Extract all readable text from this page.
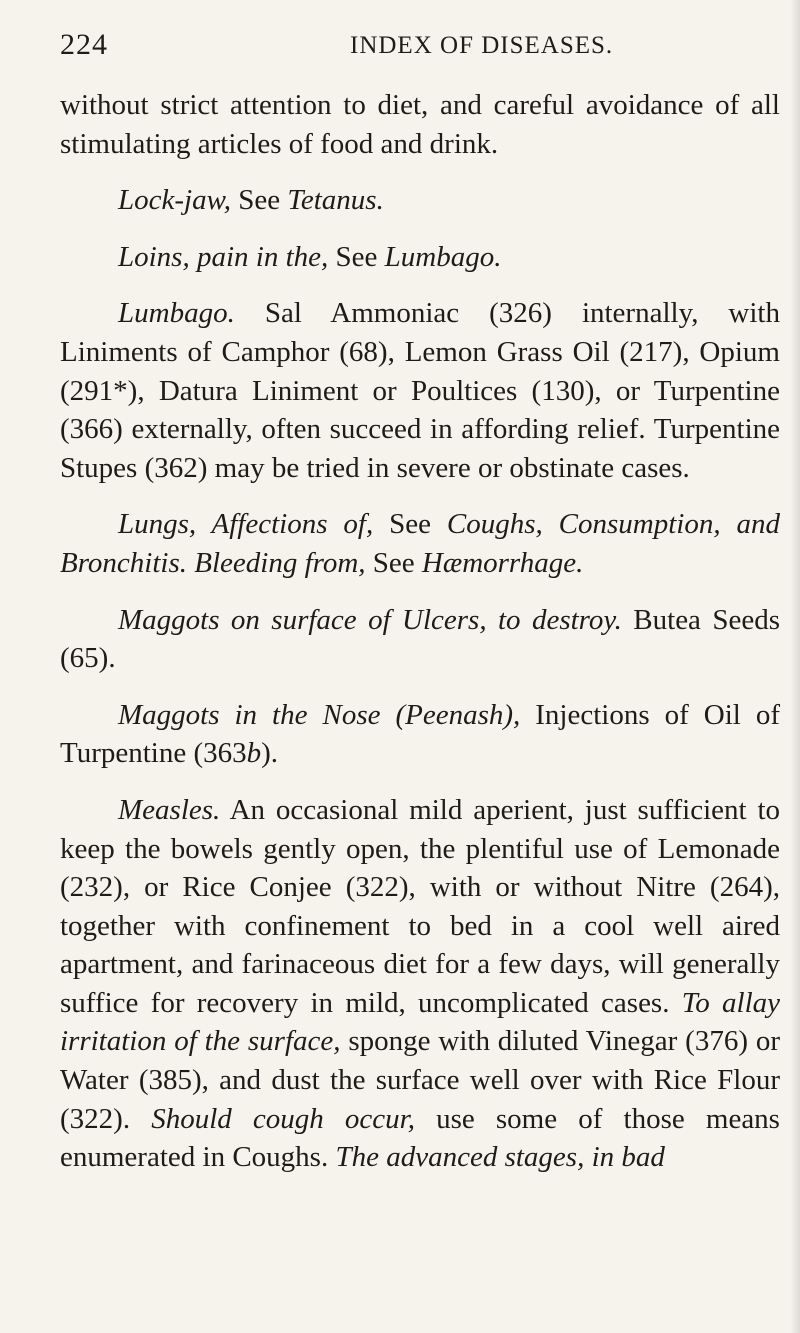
224	INDEX OF DISEASES.

without strict attention to diet, and careful avoidance of all stimulating articles of food and drink.

Lock-jaw, See Tetanus.

Loins, pain in the, See Lumbago.

Lumbago. Sal Ammoniac (326) internally, with Liniments of Camphor (68), Lemon Grass Oil (217), Opium (291*), Datura Liniment or Poultices (130), or Turpentine (366) externally, often succeed in affording relief. Turpentine Stupes (362) may be tried in severe or obstinate cases.

Lungs, Affections of, See Coughs, Consumption, and Bronchitis. Bleeding from, See Hæmorrhage.

Maggots on surface of Ulcers, to destroy. Butea Seeds (65).

Maggots in the Nose (Peenash), Injections of Oil of Turpentine (363b).

Measles. An occasional mild aperient, just sufficient to keep the bowels gently open, the plentiful use of Lemonade (232), or Rice Conjee (322), with or without Nitre (264), together with confinement to bed in a cool well aired apartment, and farinaceous diet for a few days, will generally suffice for recovery in mild, uncomplicated cases. To allay irritation of the surface, sponge with diluted Vinegar (376) or Water (385), and dust the surface well over with Rice Flour (322). Should cough occur, use some of those means enumerated in Coughs. The advanced stages, in bad
